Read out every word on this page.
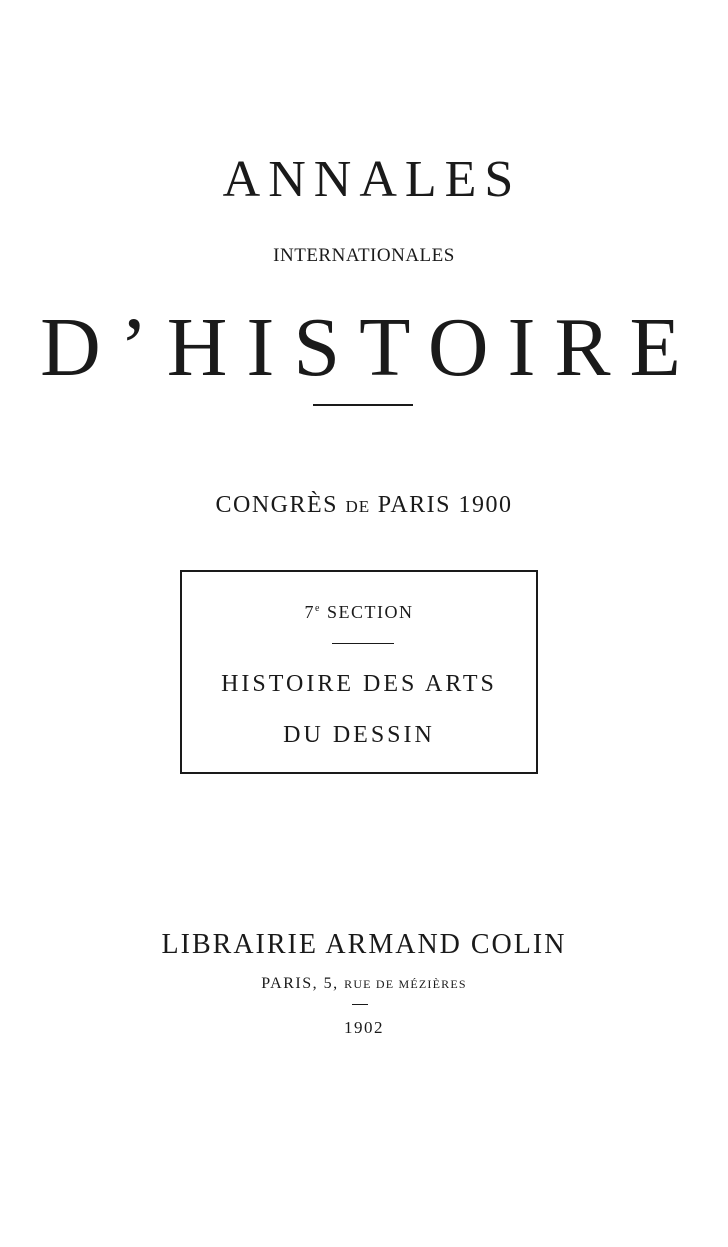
ANNALES
INTERNATIONALES
D’HISTOIRE
CONGRÈS DE PARIS 1900
7e SECTION
HISTOIRE DES ARTS
DU DESSIN
LIBRAIRIE ARMAND COLIN
PARIS, 5, RUE DE MÉZIÈRES
1902
